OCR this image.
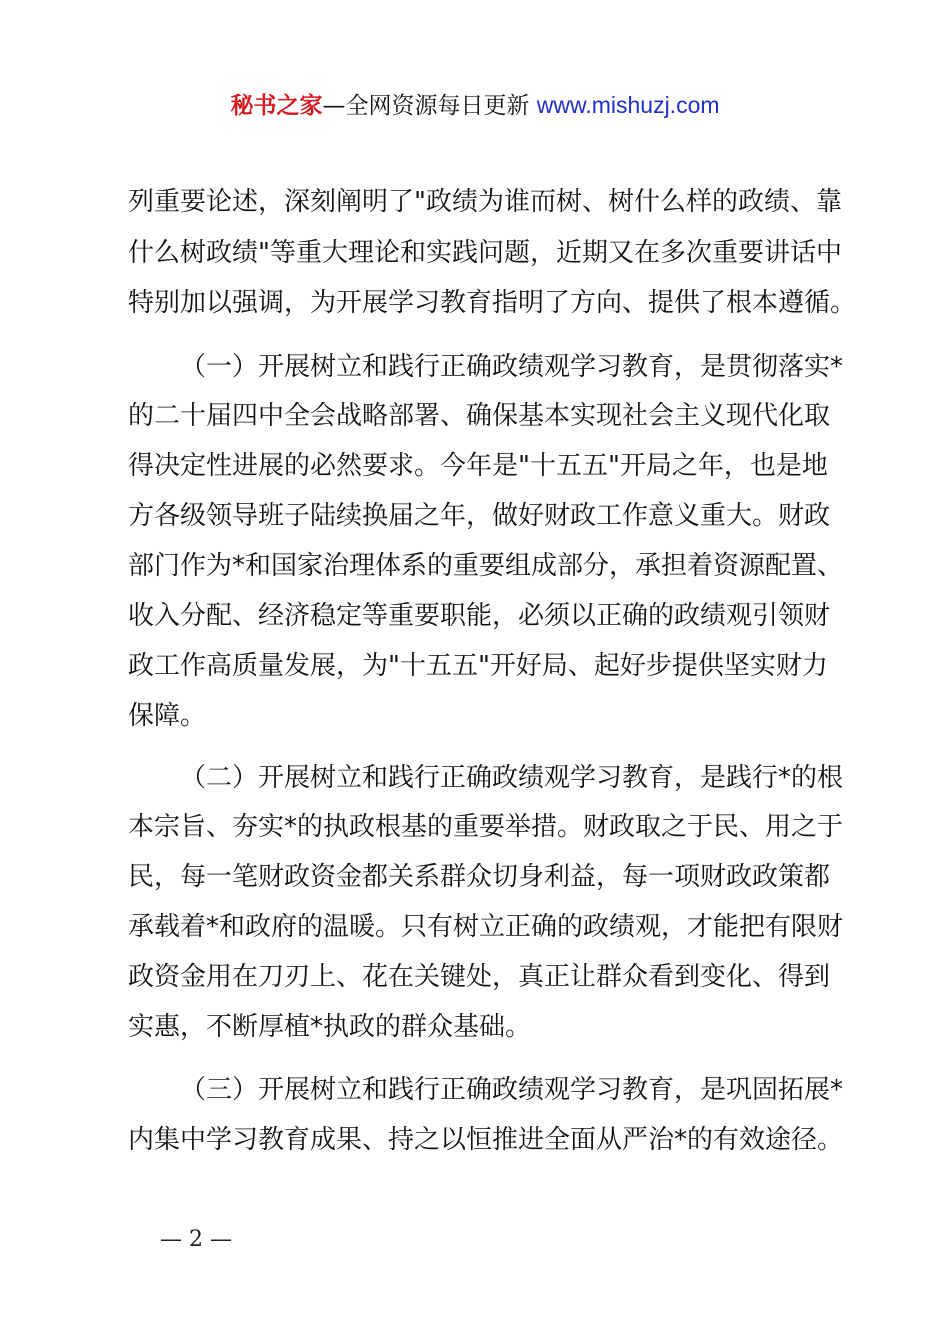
秘书之家—全网资源每日更新 www.mishuzj.com
列重要论述，深刻阐明了"政绩为谁而树、树什么样的政绩、靠
什么树政绩"等重大理论和实践问题，近期又在多次重要讲话中
特别加以强调，为开展学习教育指明了方向、提供了根本遵循。
（一）开展树立和践行正确政绩观学习教育，是贯彻落实*
的二十届四中全会战略部署、确保基本实现社会主义现代化取
得决定性进展的必然要求。今年是"十五五"开局之年，也是地
方各级领导班子陆续换届之年，做好财政工作意义重大。财政
部门作为*和国家治理体系的重要组成部分，承担着资源配置、
收入分配、经济稳定等重要职能，必须以正确的政绩观引领财
政工作高质量发展，为"十五五"开好局、起好步提供坚实财力
保障。
（二）开展树立和践行正确政绩观学习教育，是践行*的根
本宗旨、夯实*的执政根基的重要举措。财政取之于民、用之于
民，每一笔财政资金都关系群众切身利益，每一项财政政策都
承载着*和政府的温暖。只有树立正确的政绩观，才能把有限财
政资金用在刀刃上、花在关键处，真正让群众看到变化、得到
实惠，不断厚植*执政的群众基础。
（三）开展树立和践行正确政绩观学习教育，是巩固拓展*
内集中学习教育成果、持之以恒推进全面从严治*的有效途径。
— 2 —
